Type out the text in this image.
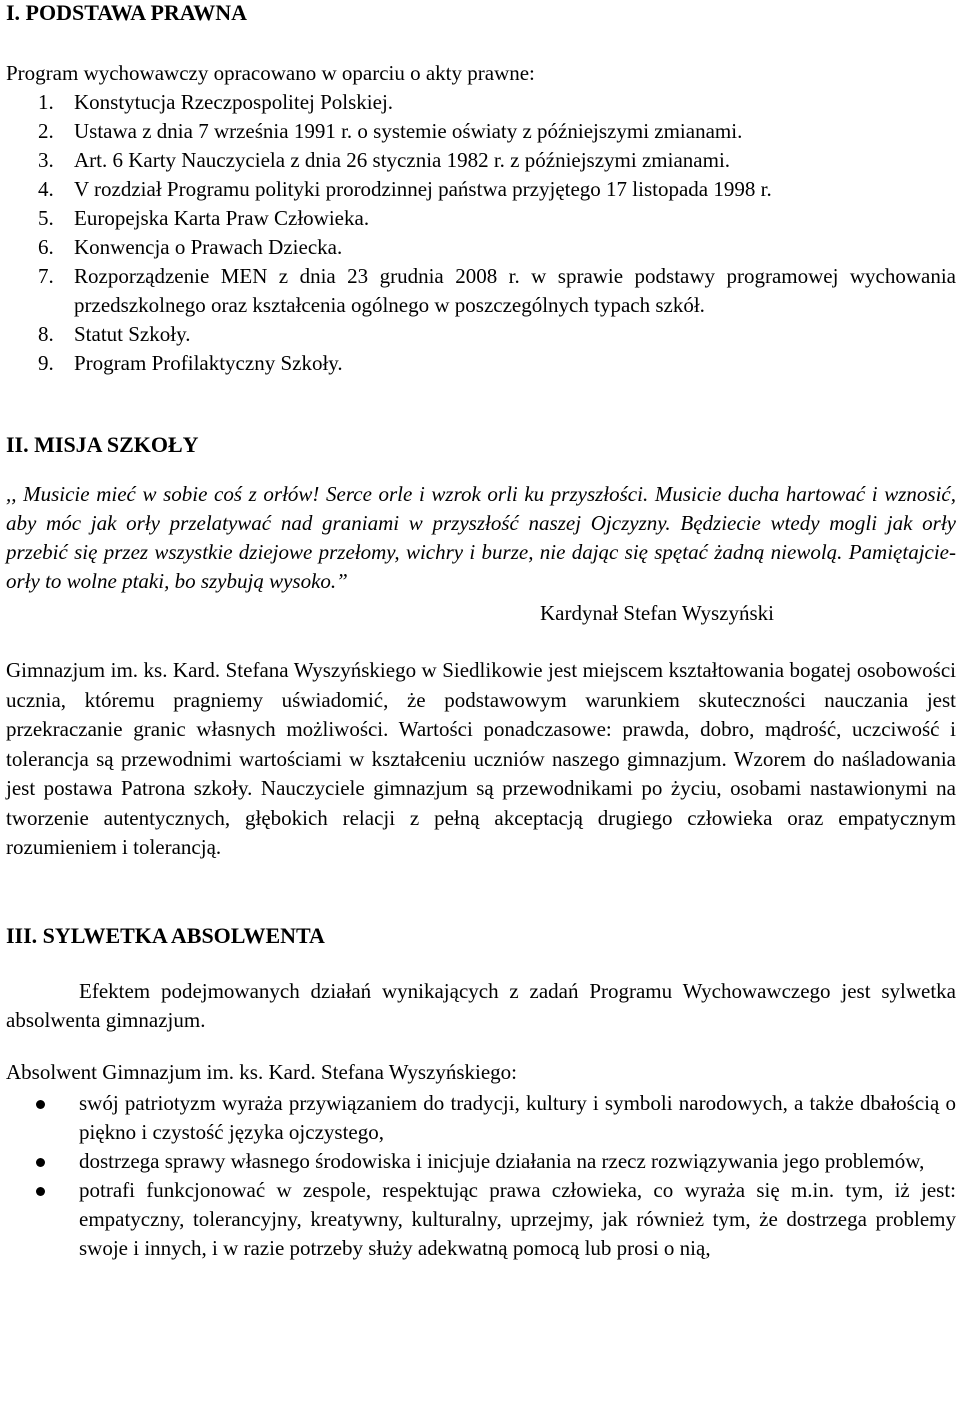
I. PODSTAWA PRAWNA

Program wychowawczy opracowano w oparciu o akty prawne:

1. Konstytucja Rzeczpospolitej Polskiej.
2. Ustawa z dnia 7 września 1991 r. o systemie oświaty z późniejszymi zmianami.
3. Art. 6 Karty Nauczyciela z dnia 26 stycznia 1982 r. z późniejszymi zmianami.
4. V rozdział Programu polityki prorodzinnej państwa przyjętego 17 listopada 1998 r.
5. Europejska Karta Praw Człowieka.
6. Konwencja o Prawach Dziecka.
7. Rozporządzenie MEN z dnia 23 grudnia 2008 r. w sprawie podstawy programowej wychowania przedszkolnego oraz kształcenia ogólnego w poszczególnych typach szkół.
8. Statut Szkoły.
9. Program Profilaktyczny Szkoły.
II. MISJA SZKOŁY

,, Musicie mieć w sobie coś z orłów! Serce orle i wzrok orli ku przyszłości. Musicie ducha hartować i wznosić, aby móc jak orły przelatywać nad graniami w przyszłość naszej Ojczyzny. Będziecie wtedy mogli jak orły przebić się przez wszystkie dziejowe przełomy, wichry i burze, nie dając się spętać żadną niewolą. Pamiętajcie- orły to wolne ptaki, bo szybują wysoko.”

Kardynał Stefan Wyszyński

Gimnazjum im. ks. Kard. Stefana Wyszyńskiego w Siedlikowie jest miejscem kształtowania bogatej osobowości ucznia, któremu pragniemy uświadomić, że podstawowym warunkiem skuteczności nauczania jest przekraczanie granic własnych możliwości. Wartości ponadczasowe: prawda, dobro, mądrość, uczciwość i tolerancja są przewodnimi wartościami w kształceniu uczniów naszego gimnazjum. Wzorem do naśladowania jest postawa Patrona szkoły. Nauczyciele gimnazjum są przewodnikami po życiu, osobami nastawionymi na tworzenie autentycznych, głębokich relacji z pełną akceptacją drugiego człowieka oraz empatycznym rozumieniem i tolerancją.

III. SYLWETKA ABSOLWENTA

Efektem podejmowanych działań wynikających z zadań Programu Wychowawczego jest sylwetka absolwenta gimnazjum.

Absolwent Gimnazjum im. ks. Kard. Stefana Wyszyńskiego:

swój patriotyzm wyraża przywiązaniem do tradycji, kultury i symboli narodowych, a także dbałością o piękno i czystość języka ojczystego,
dostrzega sprawy własnego środowiska i inicjuje działania na rzecz rozwiązywania jego problemów,
potrafi funkcjonować w zespole, respektując prawa człowieka, co wyraża się m.in. tym, iż jest: empatyczny, tolerancyjny, kreatywny, kulturalny, uprzejmy, jak również tym, że dostrzega problemy swoje i innych, i w razie potrzeby służy adekwatną pomocą lub prosi o nią,
